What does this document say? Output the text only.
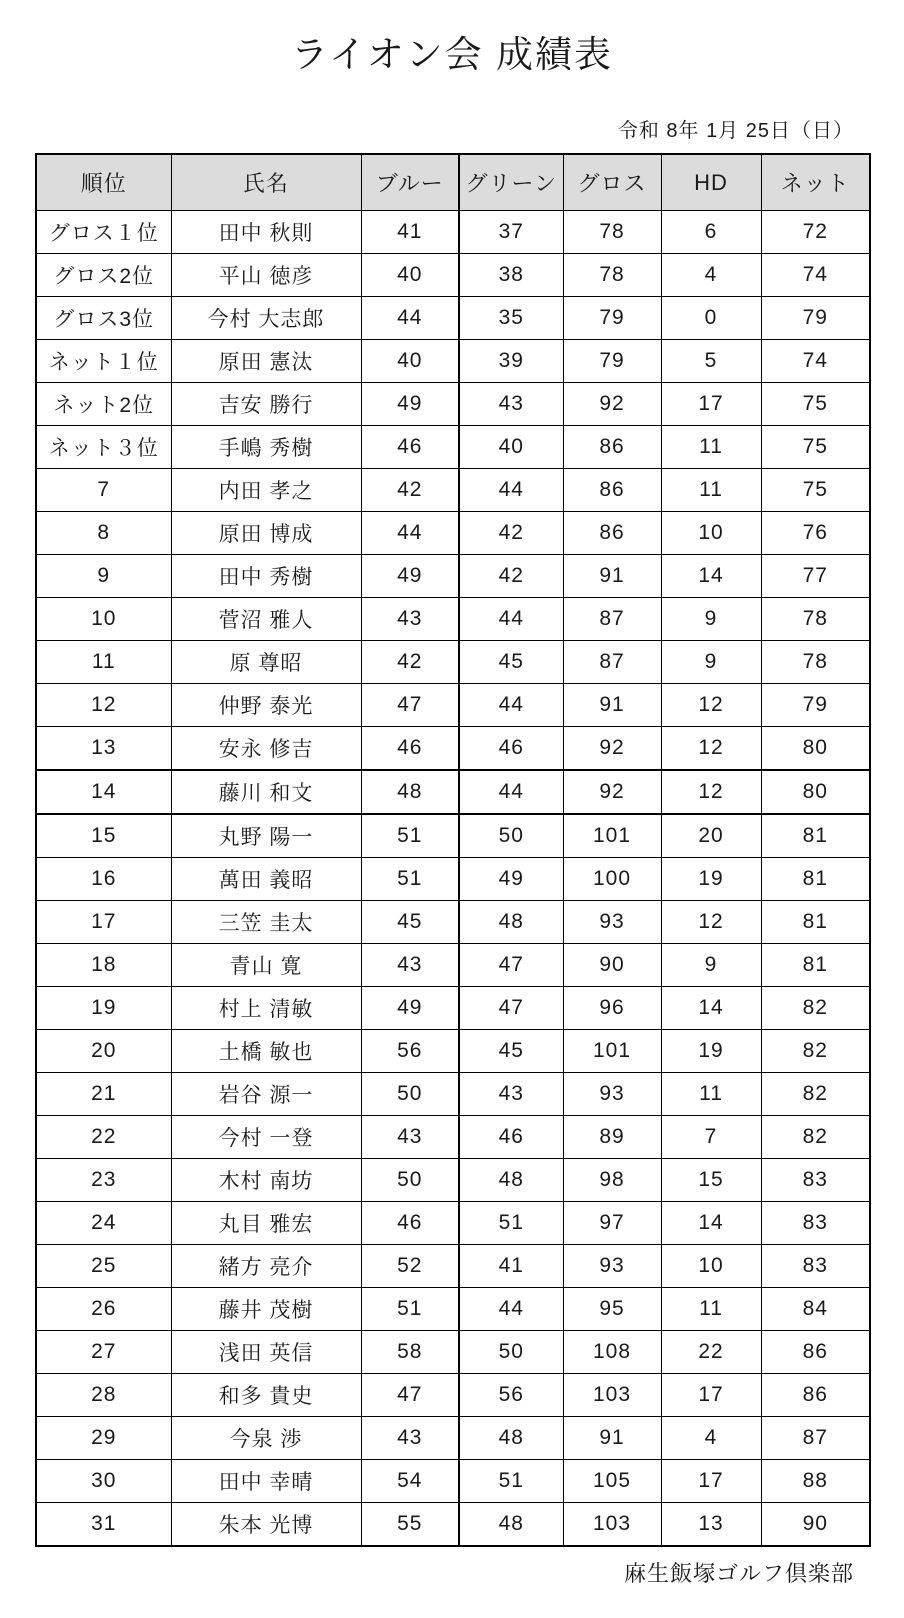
ライオン会 成績表
令和 8年 1月 25日（日）
順位	氏名	ブルー	グリーン	グロス	HD	ネット
グロス１位	田中 秋則	41	37	78	6	72
グロス2位	平山 徳彦	40	38	78	4	74
グロス3位	今村 大志郎	44	35	79	0	79
ネット１位	原田 憲汰	40	39	79	5	74
ネット2位	吉安 勝行	49	43	92	17	75
ネット３位	手嶋 秀樹	46	40	86	11	75
7	内田 孝之	42	44	86	11	75
8	原田 博成	44	42	86	10	76
9	田中 秀樹	49	42	91	14	77
10	菅沼 雅人	43	44	87	9	78
11	原 尊昭	42	45	87	9	78
12	仲野 泰光	47	44	91	12	79
13	安永 修吉	46	46	92	12	80
14	藤川 和文	48	44	92	12	80
15	丸野 陽一	51	50	101	20	81
16	萬田 義昭	51	49	100	19	81
17	三笠 圭太	45	48	93	12	81
18	青山 寛	43	47	90	9	81
19	村上 清敏	49	47	96	14	82
20	土橋 敏也	56	45	101	19	82
21	岩谷 源一	50	43	93	11	82
22	今村 一登	43	46	89	7	82
23	木村 南坊	50	48	98	15	83
24	丸目 雅宏	46	51	97	14	83
25	緒方 亮介	52	41	93	10	83
26	藤井 茂樹	51	44	95	11	84
27	浅田 英信	58	50	108	22	86
28	和多 貴史	47	56	103	17	86
29	今泉 渉	43	48	91	4	87
30	田中 幸晴	54	51	105	17	88
31	朱本 光博	55	48	103	13	90
麻生飯塚ゴルフ倶楽部
